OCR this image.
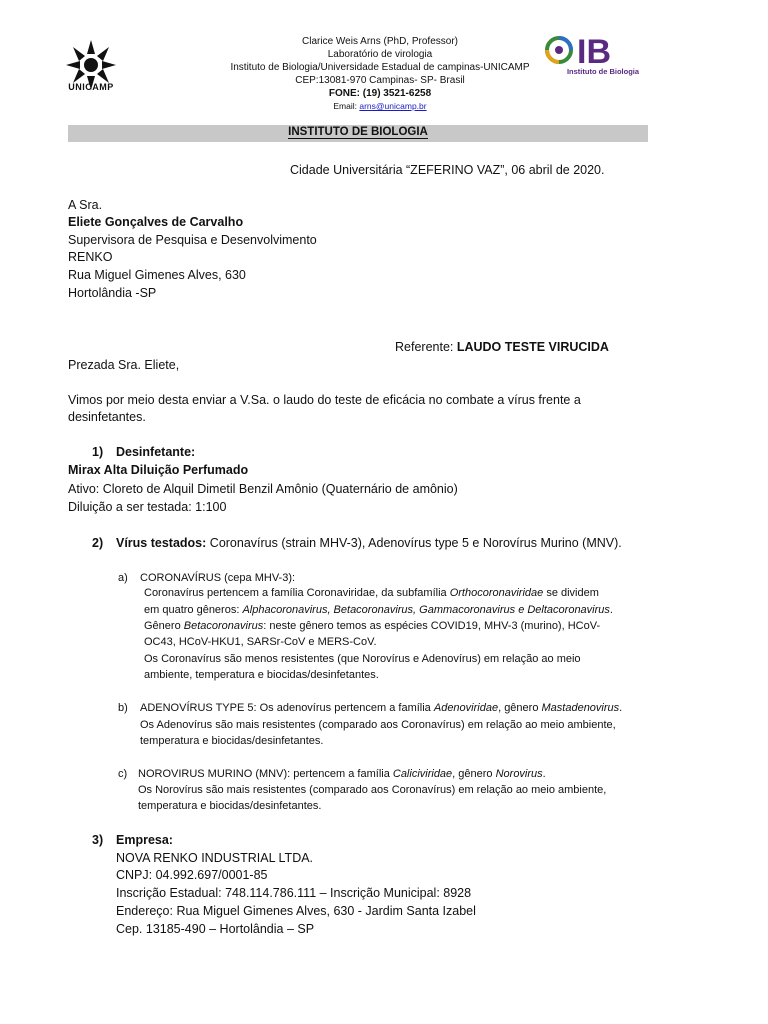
UNICAMP
IB
Instituto de Biologia
Clarice Weis Arns (PhD, Professor)
Laboratório de virologia
Instituto de Biologia/Universidade Estadual de campinas-UNICAMP
CEP:13081-970 Campinas- SP- Brasil
FONE: (19) 3521-6258
Email: arns@unicamp.br
INSTITUTO DE BIOLOGIA
Cidade Universitária “ZEFERINO VAZ”, 06 abril de 2020.
A Sra.
Eliete Gonçalves de Carvalho
Supervisora de Pesquisa e Desenvolvimento
RENKO
Rua Miguel Gimenes Alves, 630
Hortolândia -SP
Referente: LAUDO TESTE VIRUCIDA
Prezada Sra. Eliete,
Vimos por meio desta enviar a V.Sa. o laudo do teste de eficácia no combate a vírus frente a
desinfetantes.
1) Desinfetante:
Mirax Alta Diluição Perfumado
Ativo: Cloreto de Alquil Dimetil Benzil Amônio (Quaternário de amônio)
Diluição a ser testada: 1:100
2) Vírus testados: Coronavírus (strain MHV-3), Adenovírus type 5 e Norovírus Murino (MNV).
a) CORONAVÍRUS (cepa MHV-3):
Coronavírus pertencem a família Coronaviridae, da subfamília Orthocoronaviridae se dividem
em quatro gêneros: Alphacoronavirus, Betacoronavirus, Gammacoronavirus e Deltacoronavirus.
Gênero Betacoronavirus: neste gênero temos as espécies COVID19, MHV-3 (murino), HCoV-
OC43, HCoV-HKU1, SARSr-CoV e MERS-CoV.
Os Coronavírus são menos resistentes (que Norovírus e Adenovírus) em relação ao meio
ambiente, temperatura e biocidas/desinfetantes.
b) ADENOVÍRUS TYPE 5: Os adenovírus pertencem a família Adenoviridae, gênero Mastadenovirus.
Os Adenovírus são mais resistentes (comparado aos Coronavírus) em relação ao meio ambiente,
temperatura e biocidas/desinfetantes.
c) NOROVIRUS MURINO (MNV): pertencem a família Caliciviridae, gênero Norovirus.
Os Norovírus são mais resistentes (comparado aos Coronavírus) em relação ao meio ambiente,
temperatura e biocidas/desinfetantes.
3) Empresa:
NOVA RENKO INDUSTRIAL LTDA.
CNPJ: 04.992.697/0001-85
Inscrição Estadual: 748.114.786.111 – Inscrição Municipal: 8928
Endereço: Rua Miguel Gimenes Alves, 630 - Jardim Santa Izabel
Cep. 13185-490 – Hortolândia – SP
